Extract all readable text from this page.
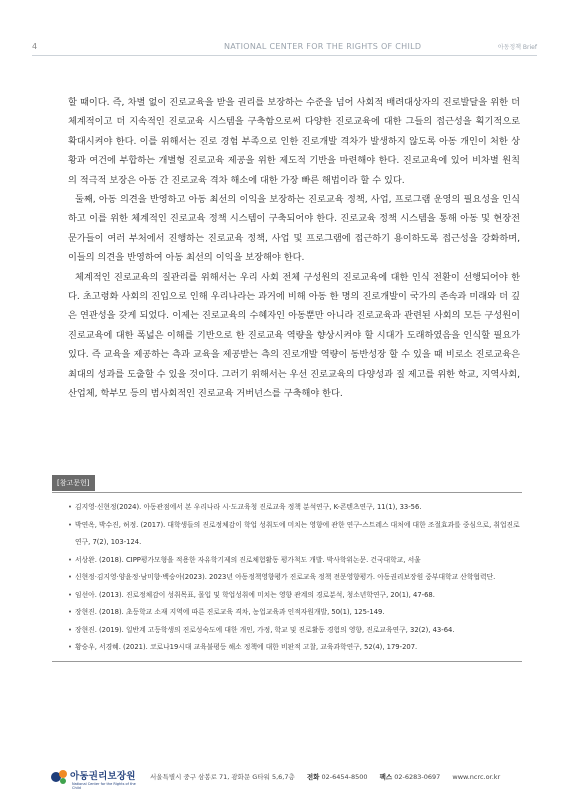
4	NATIONAL CENTER FOR THE RIGHTS OF CHILD	아동정책 Brief

할 때이다. 즉, 차별 없이 진로교육을 받을 권리를 보장하는 수준을 넘어 사회적 배려대상자의 진로발달을 위한 더 체계적이고 더 지속적인 진로교육 시스템을 구축함으로써 다양한 진로교육에 대한 그들의 접근성을 획기적으로 확대시켜야 한다. 이를 위해서는 진로 경험 부족으로 인한 진로개발 격차가 발생하지 않도록 아동 개인이 처한 상황과 여건에 부합하는 개별형 진로교육 제공을 위한 제도적 기반을 마련해야 한다. 진로교육에 있어 비차별 원칙의 적극적 보장은 아동 간 진로교육 격차 해소에 대한 가장 빠른 해법이라 할 수 있다.

둘째, 아동 의견을 반영하고 아동 최선의 이익을 보장하는 진로교육 정책, 사업, 프로그램 운영의 필요성을 인식하고 이를 위한 체계적인 진로교육 정책 시스템이 구축되어야 한다. 진로교육 정책 시스템을 통해 아동 및 현장전문가들이 여러 부처에서 진행하는 진로교육 정책, 사업 및 프로그램에 접근하기 용이하도록 접근성을 강화하며, 이들의 의견을 반영하여 아동 최선의 이익을 보장해야 한다.

체계적인 진로교육의 질관리를 위해서는 우리 사회 전체 구성원의 진로교육에 대한 인식 전환이 선행되어야 한다. 초고령화 사회의 진입으로 인해 우리나라는 과거에 비해 아동 한 명의 진로개발이 국가의 존속과 미래와 더 깊은 연관성을 갖게 되었다. 이제는 진로교육의 수혜자인 아동뿐만 아니라 진로교육과 관련된 사회의 모든 구성원이 진로교육에 대한 폭넓은 이해를 기반으로 한 진로교육 역량을 향상시켜야 할 시대가 도래하였음을 인식할 필요가 있다. 즉 교육을 제공하는 측과 교육을 제공받는 측의 진로개발 역량이 동반성장 할 수 있을 때 비로소 진로교육은 최대의 성과를 도출할 수 있을 것이다. 그러기 위해서는 우선 진로교육의 다양성과 질 제고를 위한 학교, 지역사회, 산업체, 학부모 등의 범사회적인 진로교육 거버넌스를 구축해야 한다.

[참고문헌]
• 김지영·신현정(2024). 아동관점에서 본 우리나라 시·도교육청 진로교육 정책 분석연구, K-콘텐츠연구, 11(1), 33-56.
• 박연옥, 박수진, 허정. (2017). 대학생들의 진로정체감이 학업 성취도에 미치는 영향에 관한 연구-스트레스 대처에 대한 조절효과를 중심으로, 취업진로연구, 7(2), 103-124.
• 서상완. (2018). CIPP평가모형을 적용한 자유학기제의 진로체험활동 평가척도 개발. 박사학위논문. 건국대학교, 서울
• 신현정·김지영·양윤정·남미향·백승아(2023). 2023년 아동정책영향평가 진로교육 정책 전문영향평가. 아동권리보장원 중부대학교 산학협력단.
• 임선아. (2013). 진로정체감이 성취목표, 몰입 및 학업성취에 미치는 영향 관계의 경로분석, 청소년학연구, 20(1), 47-68.
• 장현진. (2018). 초등학교 소재 지역에 따른 진로교육 격차, 농업교육과 인적자원개발, 50(1), 125-149.
• 장현진. (2019). 일반계 고등학생의 진로성숙도에 대한 개인, 가정, 학교 및 진로활동 경험의 영향, 진로교육연구, 32(2), 43-64.
• 황승우, 서경혜. (2021). 코로나19시대 교육불평등 해소 정책에 대한 비판적 고찰, 교육과학연구, 52(4), 179-207.
아동권리보장원
National Center for the Rights of the Child
서울특별시 중구 삼봉로 71, 광화문 G타워 5,6,7층 전화 02-6454-8500 팩스 02-6283-0697 www.ncrc.or.kr
